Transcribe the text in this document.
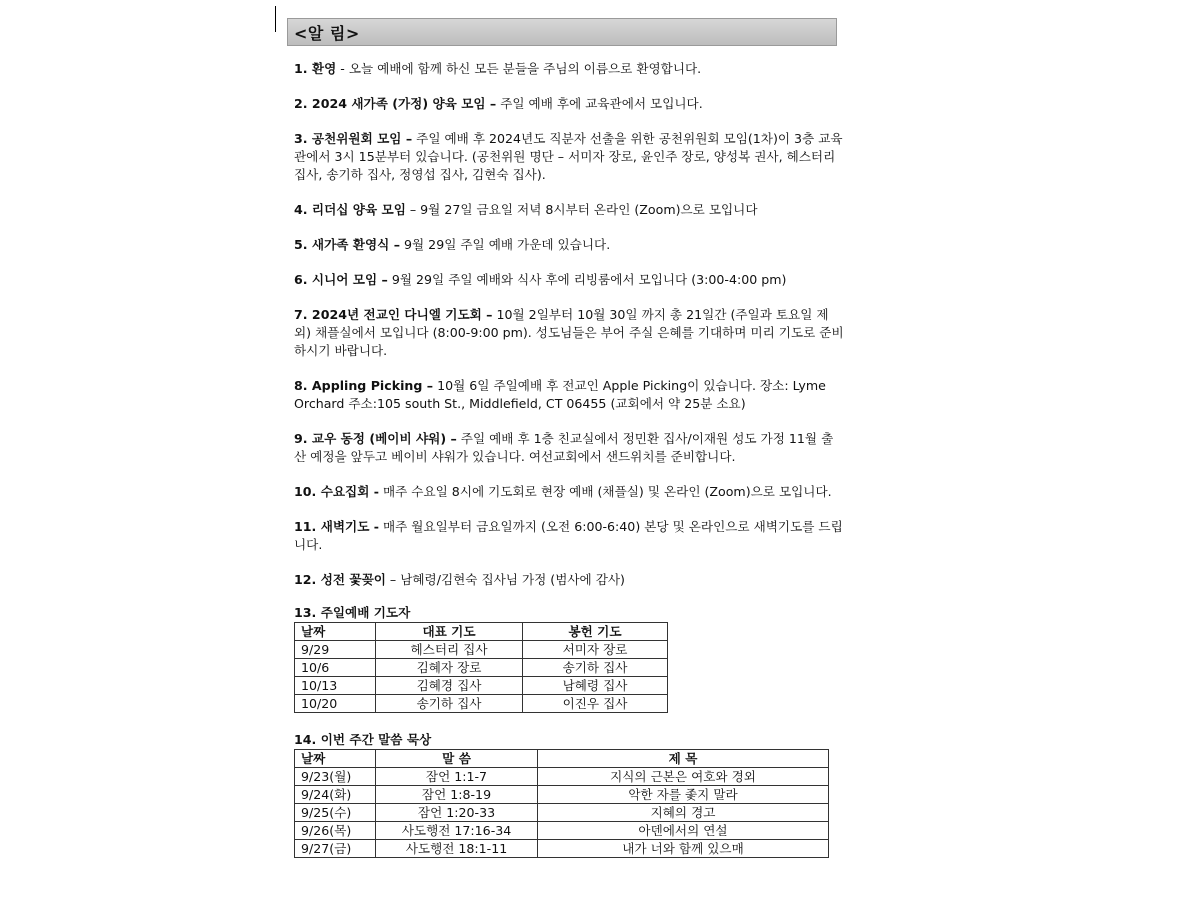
<알 림>
1. 환영 - 오늘 예배에 함께 하신 모든 분들을 주님의 이름으로 환영합니다.
2. 2024 새가족 (가정) 양육 모임 – 주일 예배 후에 교육관에서 모입니다.
3. 공천위원회 모임 – 주일 예배 후 2024년도 직분자 선출을 위한 공천위원회 모임(1차)이 3층 교육관에서 3시 15분부터 있습니다. (공천위원 명단 – 서미자 장로, 윤인주 장로, 양성복 권사, 헤스터리 집사, 송기하 집사, 정영섭 집사, 김현숙 집사).
4. 리더십 양육 모임 – 9월 27일 금요일 저녁 8시부터 온라인 (Zoom)으로 모입니다
5. 새가족 환영식 – 9월 29일 주일 예배 가운데 있습니다.
6. 시니어 모임 – 9월 29일 주일 예배와 식사 후에 리빙룸에서 모입니다 (3:00-4:00 pm)
7. 2024년 전교인 다니엘 기도회 – 10월 2일부터 10월 30일 까지 총 21일간 (주일과 토요일 제외) 채플실에서 모입니다 (8:00-9:00 pm). 성도님들은 부어 주실 은혜를 기대하며 미리 기도로 준비하시기 바랍니다.
8. Appling Picking – 10월 6일 주일예배 후 전교인 Apple Picking이 있습니다. 장소: Lyme Orchard 주소:105 south St., Middlefield, CT 06455 (교회에서 약 25분 소요)
9. 교우 동정 (베이비 샤워) – 주일 예배 후 1층 친교실에서 정민환 집사/이재원 성도 가정 11월 출산 예정을 앞두고 베이비 샤워가 있습니다. 여선교회에서 샌드위치를 준비합니다.
10. 수요집회 - 매주 수요일 8시에 기도회로 현장 예배 (채플실) 및 온라인 (Zoom)으로 모입니다.
11. 새벽기도 - 매주 월요일부터 금요일까지 (오전 6:00-6:40) 본당 및 온라인으로 새벽기도를 드립니다.
12. 성전 꽃꽂이 – 남혜령/김현숙 집사님 가정 (범사에 감사)
13. 주일예배 기도자
날짜	대표 기도	봉헌 기도
9/29	헤스터리 집사	서미자 장로
10/6	김혜자 장로	송기하 집사
10/13	김혜경 집사	남혜령 집사
10/20	송기하 집사	이진우 집사
14. 이번 주간 말씀 묵상
날짜	말 씀	제 목
9/23(월)	잠언 1:1-7	지식의 근본은 여호와 경외
9/24(화)	잠언 1:8-19	악한 자를 좇지 말라
9/25(수)	잠언 1:20-33	지혜의 경고
9/26(목)	사도행전 17:16-34	아덴에서의 연설
9/27(금)	사도행전 18:1-11	내가 너와 함께 있으매
